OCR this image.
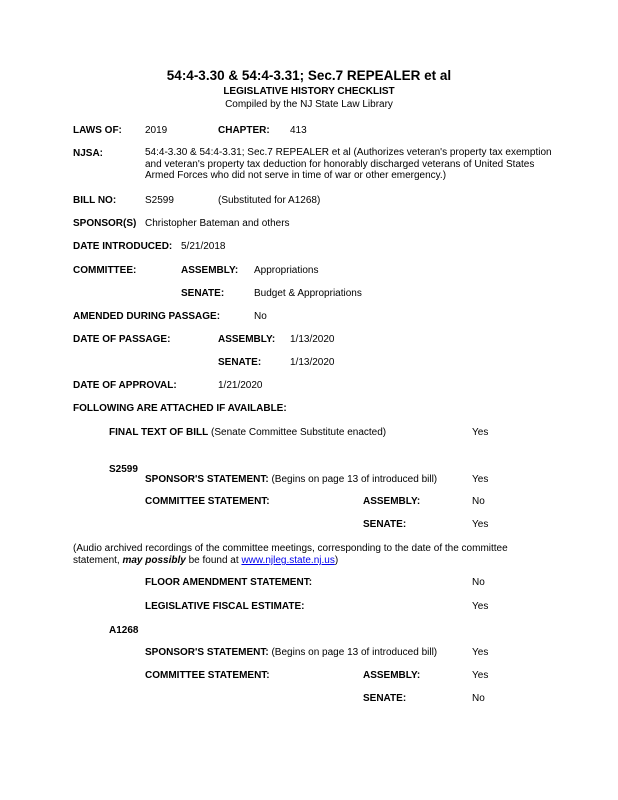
54:4-3.30 & 54:4-3.31; Sec.7 REPEALER et al
LEGISLATIVE HISTORY CHECKLIST
Compiled by the NJ State Law Library
LAWS OF: 2019	CHAPTER: 413
NJSA:	54:4-3.30 & 54:4-3.31; Sec.7 REPEALER et al (Authorizes veteran's property tax exemption and veteran's property tax deduction for honorably discharged veterans of United States Armed Forces who did not serve in time of war or other emergency.)
BILL NO:	S2599	(Substituted for A1268)
SPONSOR(S) Christopher Bateman and others
DATE INTRODUCED: 5/21/2018
COMMITTEE:	ASSEMBLY: Appropriations
SENATE:	Budget & Appropriations
AMENDED DURING PASSAGE:	No
DATE OF PASSAGE:	ASSEMBLY: 1/13/2020
SENATE:	1/13/2020
DATE OF APPROVAL:	1/21/2020
FOLLOWING ARE ATTACHED IF AVAILABLE:
FINAL TEXT OF BILL (Senate Committee Substitute enacted)	Yes
S2599
SPONSOR'S STATEMENT: (Begins on page 13 of introduced bill)	Yes
COMMITTEE STATEMENT:	ASSEMBLY:	No
SENATE:	Yes
(Audio archived recordings of the committee meetings, corresponding to the date of the committee
statement, may possibly be found at www.njleg.state.nj.us)
FLOOR AMENDMENT STATEMENT:	No
LEGISLATIVE FISCAL ESTIMATE:	Yes
A1268
SPONSOR'S STATEMENT: (Begins on page 13 of introduced bill)	Yes
COMMITTEE STATEMENT:	ASSEMBLY:	Yes
SENATE:	No
